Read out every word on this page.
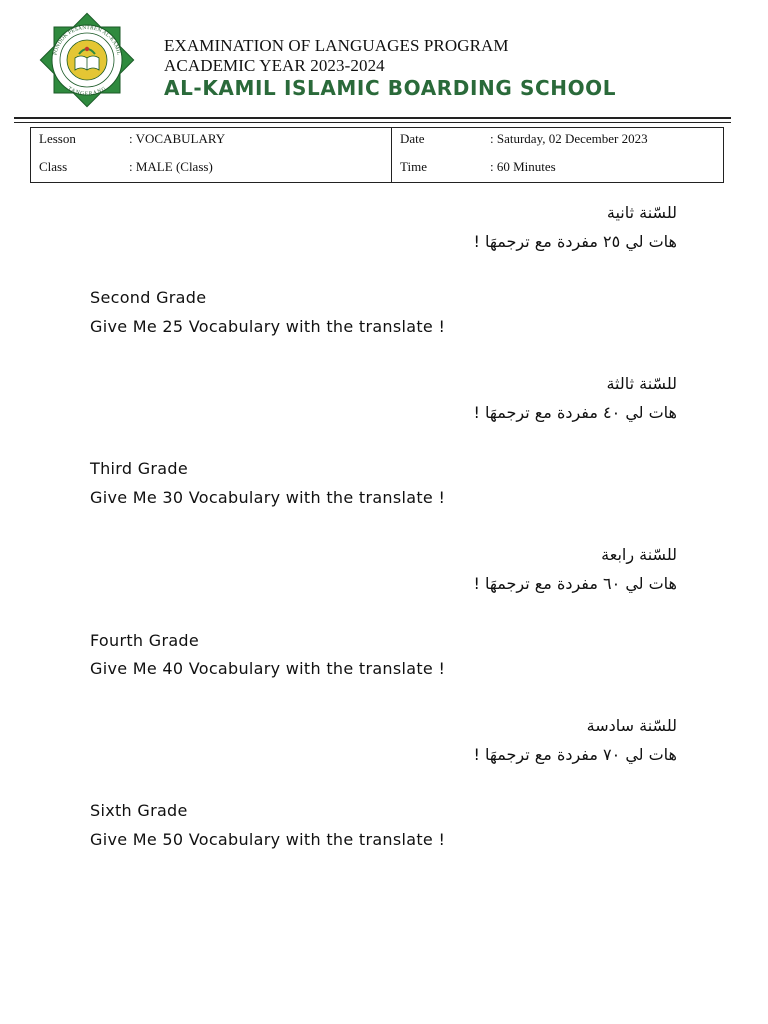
PONDOK PESANTREN AL-KAMIL
TANGERANG
EXAMINATION OF LANGUAGES PROGRAM
ACADEMIC YEAR 2023-2024
AL-KAMIL ISLAMIC BOARDING SCHOOL
Lesson	: VOCABULARY
Class	: MALE (Class)
Date	: Saturday, 02 December 2023
Time	: 60 Minutes
للسّنة ثانية
هات لي ٢٥ مفردة مع ترجمهَا !
Second Grade
Give Me 25 Vocabulary with the translate !
للسّنة ثالثة
هات لي ٤٠ مفردة مع ترجمهَا !
Third Grade
Give Me 30 Vocabulary with the translate !
للسّنة رابعة
هات لي ٦٠ مفردة مع ترجمهَا !
Fourth Grade
Give Me 40 Vocabulary with the translate !
للسّنة سادسة
هات لي ٧٠ مفردة مع ترجمهَا !
Sixth Grade
Give Me 50 Vocabulary with the translate !
